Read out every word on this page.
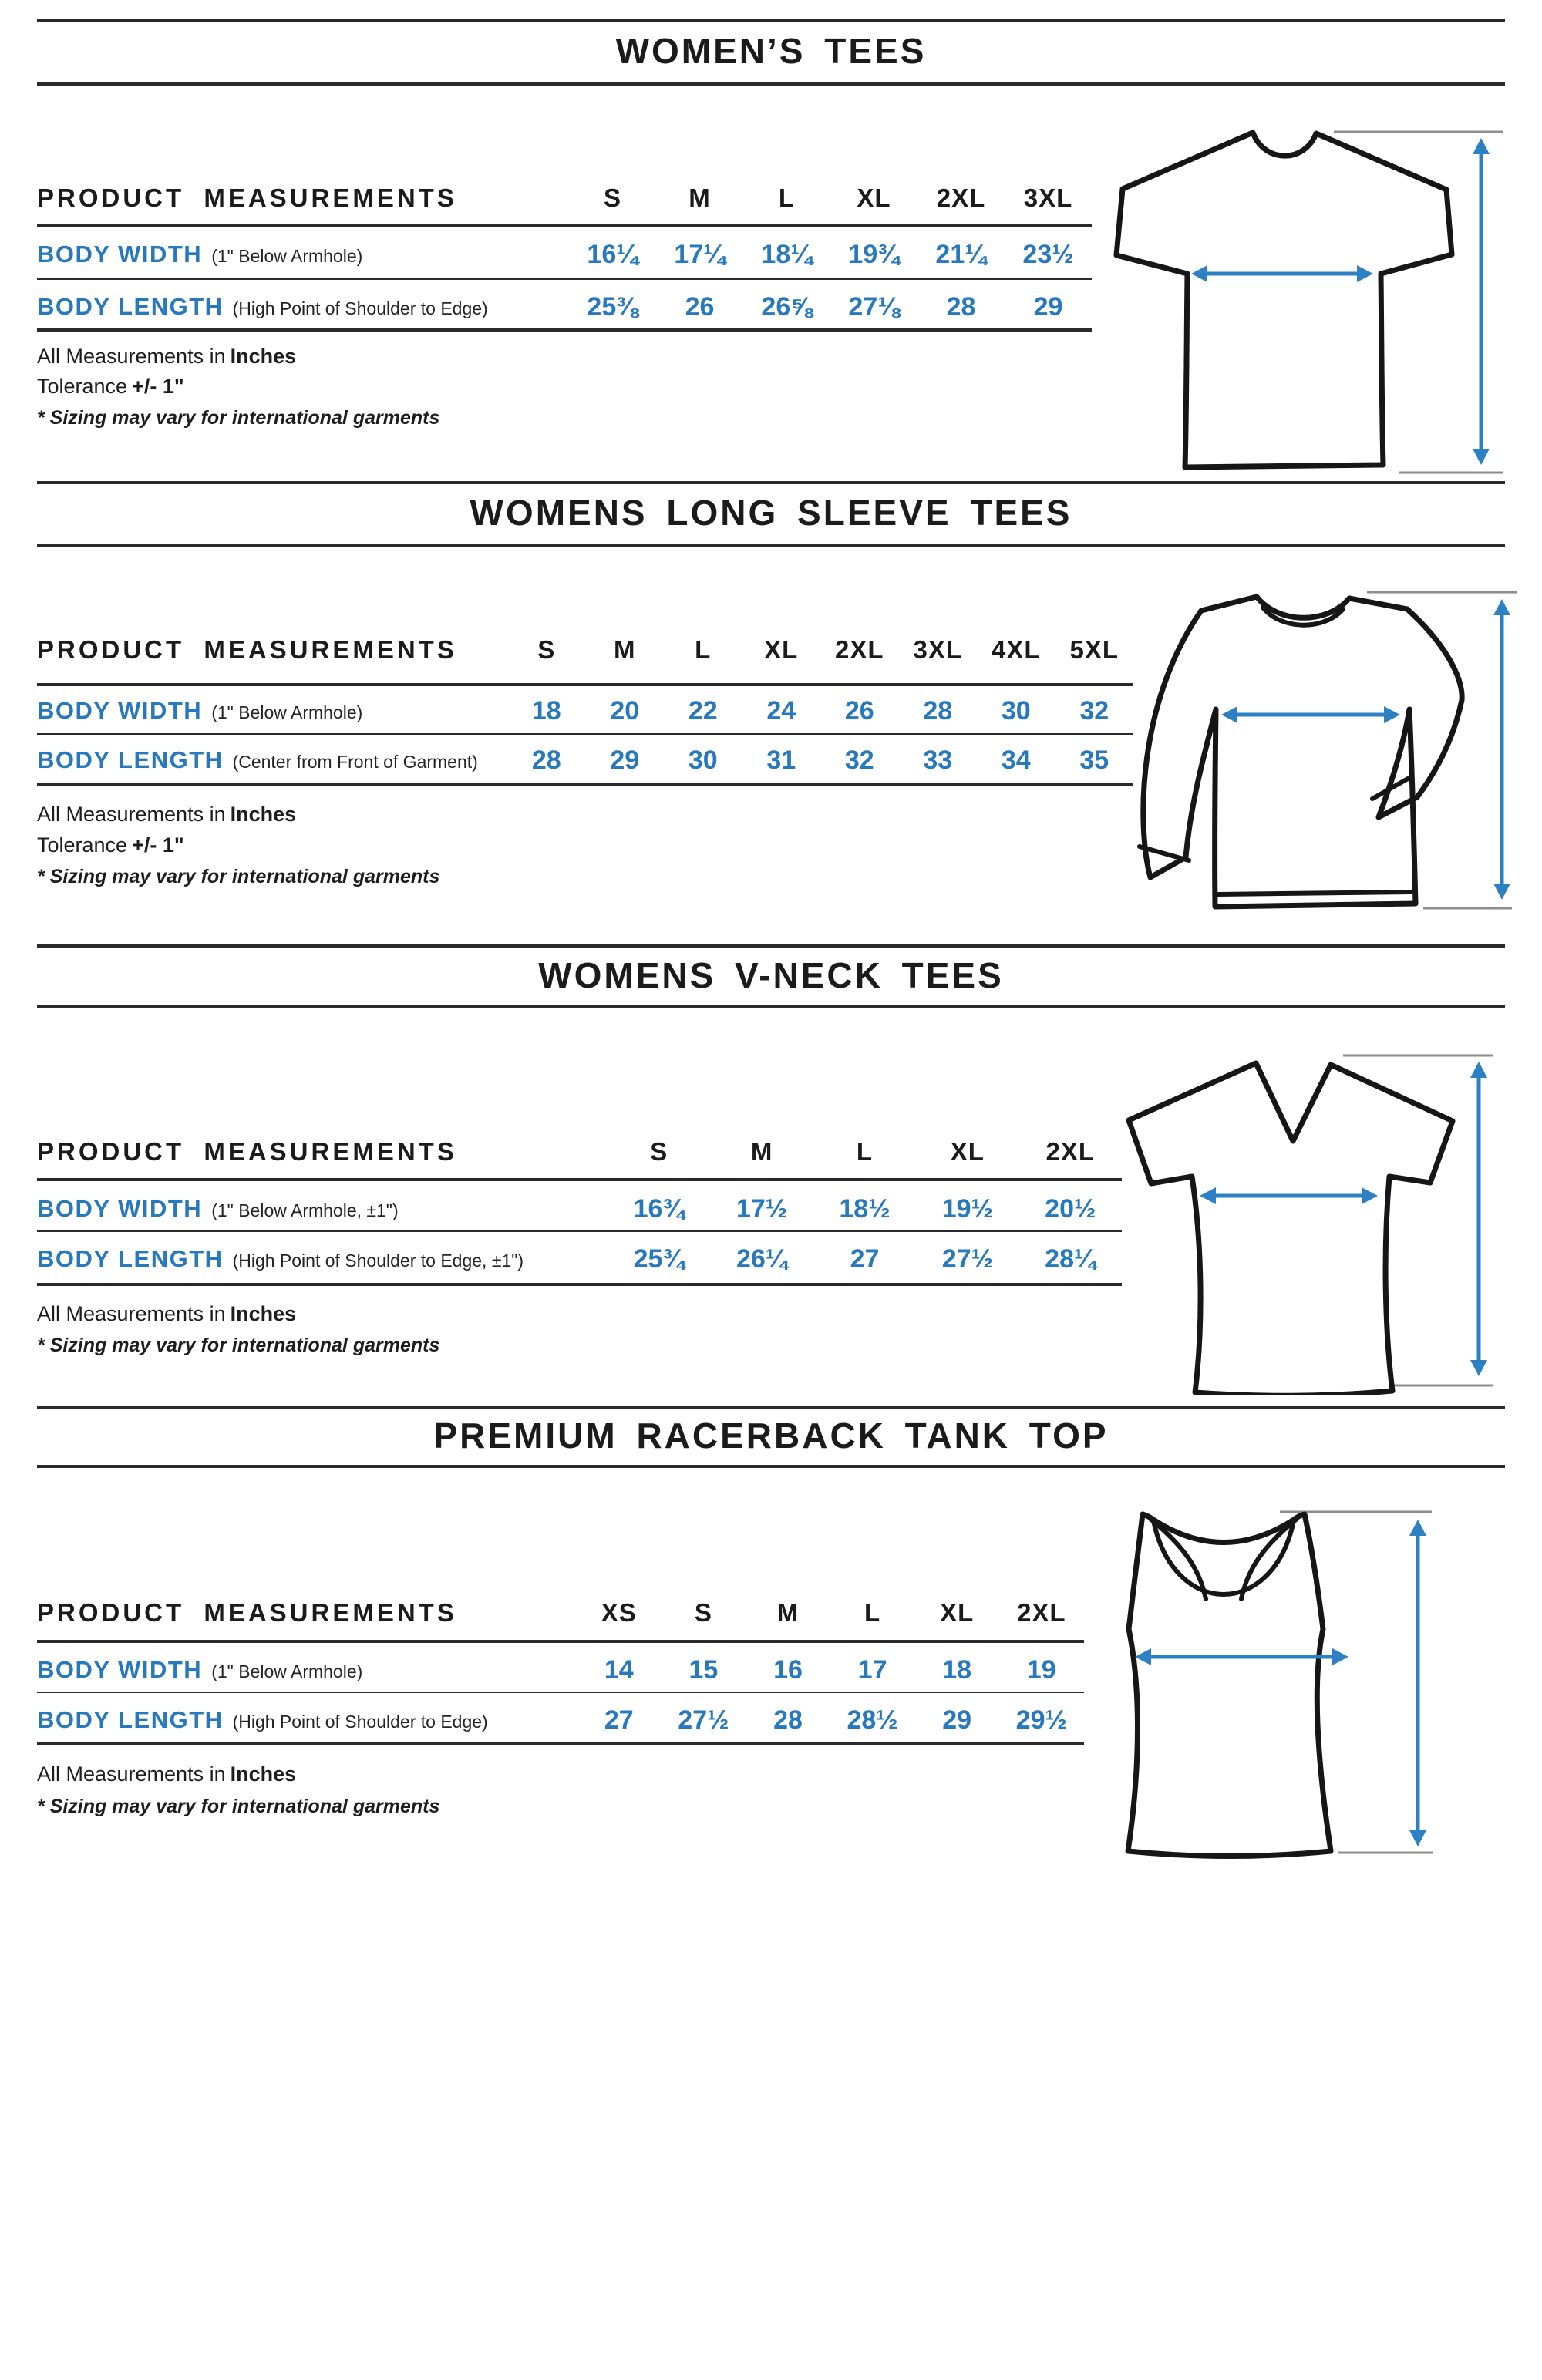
WOMEN’S TEES
PRODUCT MEASUREMENTS	S	M	L	XL	2XL	3XL
BODY WIDTH (1" Below Armhole)	16¼	17¼	18¼	19¾	21¼	23½
BODY LENGTH (High Point of Shoulder to Edge)	25⅜	26	26⅝	27⅛	28	29

All Measurements in Inches

Tolerance +/- 1"

* Sizing may vary for international garments

WOMENS LONG SLEEVE TEES
PRODUCT MEASUREMENTS	S	M	L	XL	2XL	3XL	4XL	5XL
BODY WIDTH (1" Below Armhole)	18	20	22	24	26	28	30	32
BODY LENGTH (Center from Front of Garment)	28	29	30	31	32	33	34	35

All Measurements in Inches

Tolerance +/- 1"

* Sizing may vary for international garments

WOMENS V-NECK TEES
PRODUCT MEASUREMENTS	S	M	L	XL	2XL
BODY WIDTH (1" Below Armhole, ±1")	16¾	17½	18½	19½	20½
BODY LENGTH (High Point of Shoulder to Edge, ±1")	25¾	26¼	27	27½	28¼

All Measurements in Inches

* Sizing may vary for international garments

PREMIUM RACERBACK TANK TOP
PRODUCT MEASUREMENTS	XS	S	M	L	XL	2XL
BODY WIDTH (1" Below Armhole)	14	15	16	17	18	19
BODY LENGTH (High Point of Shoulder to Edge)	27	27½	28	28½	29	29½

All Measurements in Inches

* Sizing may vary for international garments
